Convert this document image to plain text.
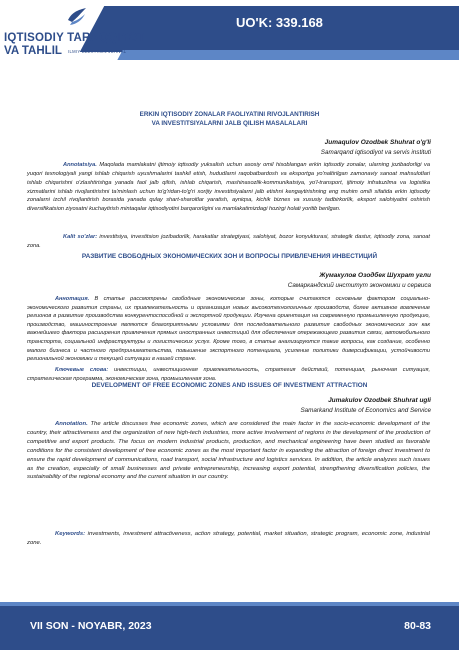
IQTISODIY TARAQQIYOT
VA TAHLIL ILMIY ELEKTRON JURNAL
UO'K: 339.168
ERKIN IQTISODIY ZONALAR FAOLIYATINI RIVOJLANTIRISH
VA INVESTITSIYALARNI JALB QILISH MASALALARI
Jumaqulov Ozodbek Shuhrat o'g'li
Samarqand iqtisodiyot va servis instituti

Annotatsiya. Maqolada mamlakatni ijtimoiy iqtisodiy yuksalish uchun asosiy omil hisoblangan erkin iqtisodiy zonalar, ularning jozibadorligi va yuqori texnologiyali yangi ishlab chiqarish uyushmalarini tashkil etish, hududlarni raqobatbardosh va eksportga yo'naltirilgan zamonaviy sanoat mahsulotlari ishlab chiqarishni o'zlashtirishga yanada faol jalb qilish, ishlab chiqarish, mashinasozlik-kommunikatsiya, yo'l-transport, ijtimoiy infratuzilma va logistika xizmatlarini ishlab rivojlantirishni ta'minlash uchun to'g'ridan-to'g'ri xorijiy investitsiyalarni jalb etishni kengaytirishning eng muhim omili sifatida erkin iqtisodiy zonalarni izchil rivojlantirish borasida yanada qulay shart-sharoitlar yaratish, ayniqsa, kichik biznes va xususiy tadbirkorlik, eksport salohiyatini oshirish diversifikatsion ziyosatni kuchaytirish mintaqalar iqtisodiyotini barqarorligini va mamlakatimizdagi hozirgi holati yoritib berilgan.

Kalit so'zlar: investitsiya, investitsion jozibadorlik, harakatlar strategiyasi, salohiyat, bozor konyukturasi, strategik dastur, iqtisodiy zona, sanoat zona.

РАЗВИТИЕ СВОБОДНЫХ ЭКОНОМИЧЕСКИХ ЗОН И ВОПРОСЫ ПРИВЛЕЧЕНИЯ ИНВЕСТИЦИЙ
Жумакулов Озодбек Шухрат угли
Самаркандский институт экономики и сервиса

Аннотация. В статье рассмотрены свободные экономические зоны, которые считаются основным фактором социально-экономического развития страны, их привлекательность и организация новых высокотехнологичных производств, более активное вовлечение регионов в развитие производства конкурентоспособной и экспортной продукции. Изучена ориентация на современную промышленную продукцию, производство, машиностроение являются благоприятными условиями для последовательного развития свободных экономических зон как важнейшего фактора расширения привлечения прямых иностранных инвестиций для обеспечения опережающего развития связи, автомобильного транспорта, социальной инфраструктуры и логистических услуг. Кроме того, в статье анализируются такие вопросы, как создание, особенно малого бизнеса и частного предпринимательства, повышение экспортного потенциала, усиление политики диверсификации, устойчивости региональной экономики и текущей ситуации в нашей стране.

Ключевые слова: инвестиции, инвестиционная привлекательность, стратегия действий, потенциал, рыночная ситуация, стратегическая программа, экономическая зона, промышленная зона.

DEVELOPMENT OF FREE ECONOMIC ZONES AND ISSUES OF INVESTMENT ATTRACTION
Jumakulov Ozodbek Shuhrat ugli
Samarkand Institute of Economics and Service

Annotation. The article discusses free economic zones, which are considered the main factor in the socio-economic development of the country, their attractiveness and the organization of new high-tech industries, more active involvement of regions in the development of the production of competitive and export products. The focus on modern industrial products, production, and mechanical engineering have been studied as favorable conditions for the consistent development of free economic zones as the most important factor in expanding the attraction of foreign direct investment to ensure the rapid development of communications, road transport, social infrastructure and logistics services. In addition, the article analyzes such issues as the creation, especially of small businesses and private entrepreneurship, increasing export potential, strengthening diversification policies, the sustainability of the regional economy and the current situation in our country.

Keywords: investments, investment attractiveness, action strategy, potential, market situation, strategic program, economic zone, industrial zone.

VII SON - NOYABR, 2023	80-83
